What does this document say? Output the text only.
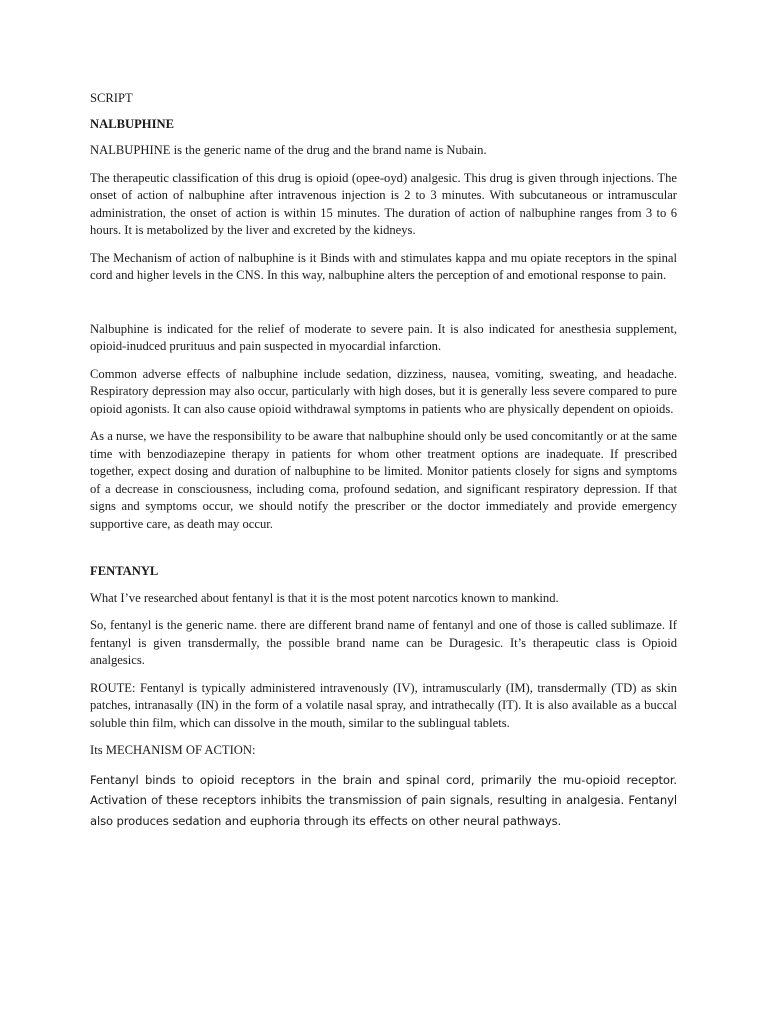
SCRIPT
NALBUPHINE

NALBUPHINE is the generic name of the drug and the brand name is Nubain.

The therapeutic classification of this drug is opioid (opee-oyd) analgesic. This drug is given through injections. The onset of action of nalbuphine after intravenous injection is 2 to 3 minutes. With subcutaneous or intramuscular administration, the onset of action is within 15 minutes. The duration of action of nalbuphine ranges from 3 to 6 hours. It is metabolized by the liver and excreted by the kidneys.

The Mechanism of action of nalbuphine is it Binds with and stimulates kappa and mu opiate receptors in the spinal cord and higher levels in the CNS. In this way, nalbuphine alters the perception of and emotional response to pain.

Nalbuphine is indicated for the relief of moderate to severe pain. It is also indicated for anesthesia supplement, opioid-inudced prurituus and pain suspected in myocardial infarction.

Common adverse effects of nalbuphine include sedation, dizziness, nausea, vomiting, sweating, and headache. Respiratory depression may also occur, particularly with high doses, but it is generally less severe compared to pure opioid agonists. It can also cause opioid withdrawal symptoms in patients who are physically dependent on opioids.

As a nurse, we have the responsibility to be aware that nalbuphine should only be used concomitantly or at the same time with benzodiazepine therapy in patients for whom other treatment options are inadequate. If prescribed together, expect dosing and duration of nalbuphine to be limited. Monitor patients closely for signs and symptoms of a decrease in consciousness, including coma, profound sedation, and significant respiratory depression. If that signs and symptoms occur, we should notify the prescriber or the doctor immediately and provide emergency supportive care, as death may occur.

FENTANYL

What I’ve researched about fentanyl is that it is the most potent narcotics known to mankind.

So, fentanyl is the generic name. there are different brand name of fentanyl and one of those is called sublimaze. If fentanyl is given transdermally, the possible brand name can be Duragesic. It’s therapeutic class is Opioid analgesics.

ROUTE: Fentanyl is typically administered intravenously (IV), intramuscularly (IM), transdermally (TD) as skin patches, intranasally (IN) in the form of a volatile nasal spray, and intrathecally (IT). It is also available as a buccal soluble thin film, which can dissolve in the mouth, similar to the sublingual tablets.

Its MECHANISM OF ACTION:

Fentanyl binds to opioid receptors in the brain and spinal cord, primarily the mu-opioid receptor. Activation of these receptors inhibits the transmission of pain signals, resulting in analgesia. Fentanyl also produces sedation and euphoria through its effects on other neural pathways.
